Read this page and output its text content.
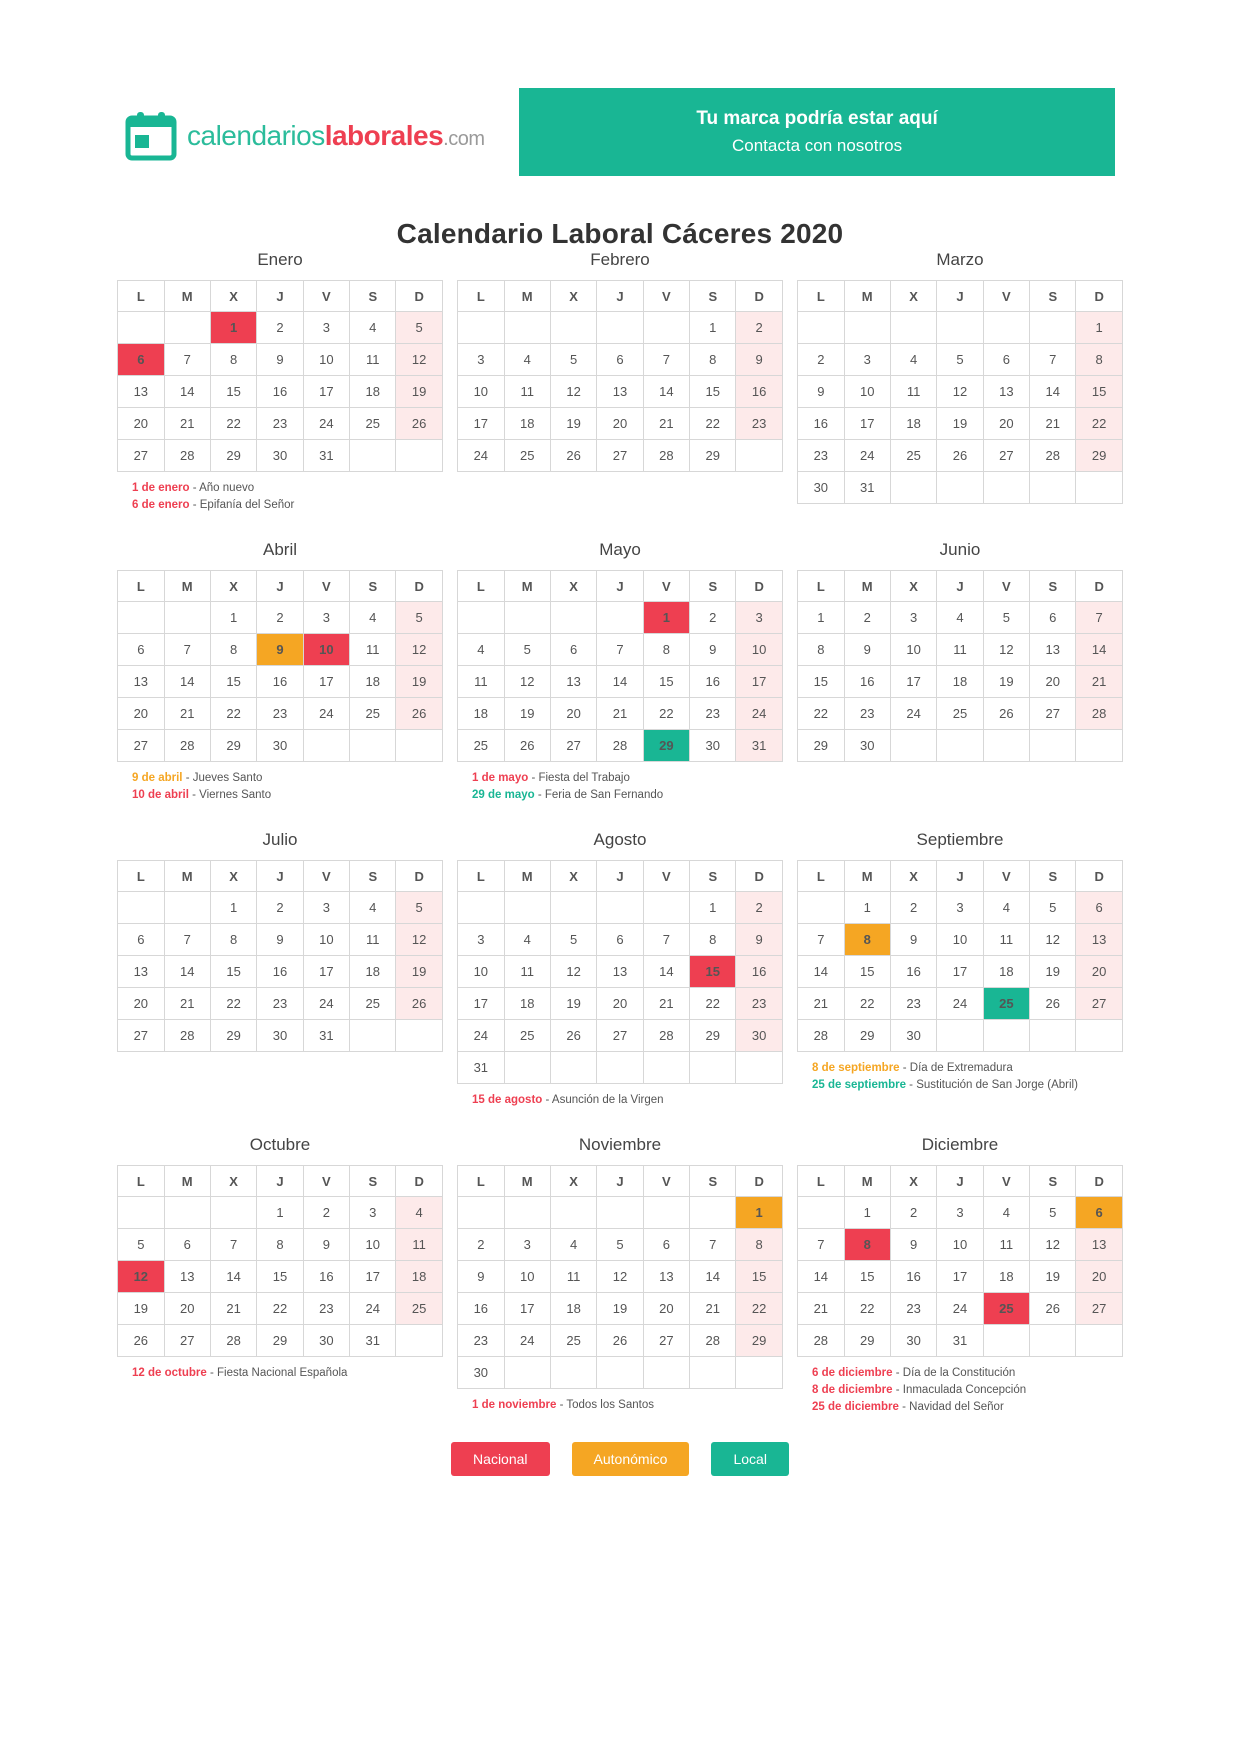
calendarioslaborales.com
Tu marca podría estar aquí
Contacta con nosotros
Calendario Laboral Cáceres 2020
Enero
L	M	X	J	V	S	D
		1	2	3	4	5
6	7	8	9	10	11	12
13	14	15	16	17	18	19
20	21	22	23	24	25	26
27	28	29	30	31		
1 de enero - Año nuevo
6 de enero - Epifanía del Señor
Febrero
L	M	X	J	V	S	D
					1	2
3	4	5	6	7	8	9
10	11	12	13	14	15	16
17	18	19	20	21	22	23
24	25	26	27	28	29	
Marzo
L	M	X	J	V	S	D
						1
2	3	4	5	6	7	8
9	10	11	12	13	14	15
16	17	18	19	20	21	22
23	24	25	26	27	28	29
30	31					
Abril
L	M	X	J	V	S	D
		1	2	3	4	5
6	7	8	9	10	11	12
13	14	15	16	17	18	19
20	21	22	23	24	25	26
27	28	29	30			
9 de abril - Jueves Santo
10 de abril - Viernes Santo
Mayo
L	M	X	J	V	S	D
				1	2	3
4	5	6	7	8	9	10
11	12	13	14	15	16	17
18	19	20	21	22	23	24
25	26	27	28	29	30	31
1 de mayo - Fiesta del Trabajo
29 de mayo - Feria de San Fernando
Junio
L	M	X	J	V	S	D
1	2	3	4	5	6	7
8	9	10	11	12	13	14
15	16	17	18	19	20	21
22	23	24	25	26	27	28
29	30					
Julio
L	M	X	J	V	S	D
		1	2	3	4	5
6	7	8	9	10	11	12
13	14	15	16	17	18	19
20	21	22	23	24	25	26
27	28	29	30	31		
Agosto
L	M	X	J	V	S	D
					1	2
3	4	5	6	7	8	9
10	11	12	13	14	15	16
17	18	19	20	21	22	23
24	25	26	27	28	29	30
31						
15 de agosto - Asunción de la Virgen
Septiembre
L	M	X	J	V	S	D
	1	2	3	4	5	6
7	8	9	10	11	12	13
14	15	16	17	18	19	20
21	22	23	24	25	26	27
28	29	30				
8 de septiembre - Día de Extremadura
25 de septiembre - Sustitución de San Jorge (Abril)
Octubre
L	M	X	J	V	S	D
			1	2	3	4
5	6	7	8	9	10	11
12	13	14	15	16	17	18
19	20	21	22	23	24	25
26	27	28	29	30	31	
12 de octubre - Fiesta Nacional Española
Noviembre
L	M	X	J	V	S	D
						1
2	3	4	5	6	7	8
9	10	11	12	13	14	15
16	17	18	19	20	21	22
23	24	25	26	27	28	29
30						
1 de noviembre - Todos los Santos
Diciembre
L	M	X	J	V	S	D
	1	2	3	4	5	6
7	8	9	10	11	12	13
14	15	16	17	18	19	20
21	22	23	24	25	26	27
28	29	30	31			
6 de diciembre - Día de la Constitución
8 de diciembre - Inmaculada Concepción
25 de diciembre - Navidad del Señor
Nacional	Autonómico	Local
